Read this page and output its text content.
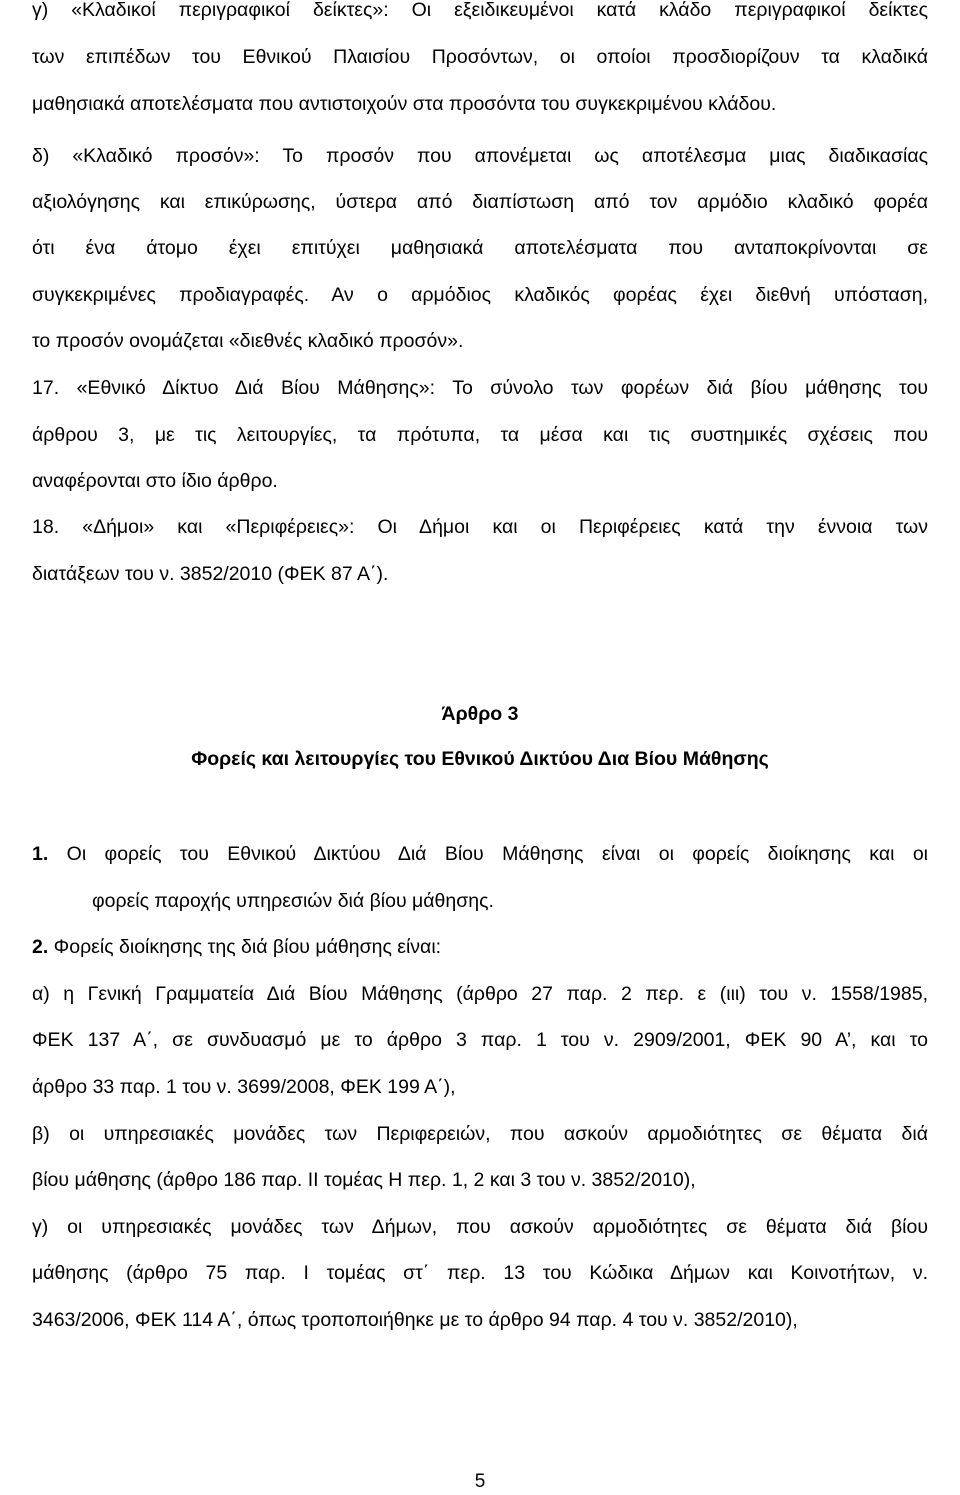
γ) «Κλαδικοί περιγραφικοί δείκτες»: Οι εξειδικευμένοι κατά κλάδο περιγραφικοί δείκτες
των επιπέδων του Εθνικού Πλαισίου Προσόντων, οι οποίοι προσδιορίζουν τα κλαδικά
μαθησιακά αποτελέσματα που αντιστοιχούν στα προσόντα του συγκεκριμένου κλάδου.
δ) «Κλαδικό προσόν»: Το προσόν που απονέμεται ως αποτέλεσμα μιας διαδικασίας
αξιολόγησης και επικύρωσης, ύστερα από διαπίστωση από τον αρμόδιο κλαδικό φορέα
ότι ένα άτομο έχει επιτύχει μαθησιακά αποτελέσματα που ανταποκρίνονται σε
συγκεκριμένες προδιαγραφές. Αν ο αρμόδιος κλαδικός φορέας έχει διεθνή υπόσταση,
το προσόν ονομάζεται «διεθνές κλαδικό προσόν».
17. «Εθνικό Δίκτυο Διά Βίου Μάθησης»: Το σύνολο των φορέων διά βίου μάθησης του
άρθρου 3, με τις λειτουργίες, τα πρότυπα, τα μέσα και τις συστημικές σχέσεις που
αναφέρονται στο ίδιο άρθρο.
18. «Δήμοι» και «Περιφέρειες»: Οι Δήμοι και οι Περιφέρειες κατά την έννοια των
διατάξεων του ν. 3852/2010 (ΦΕΚ 87 Α΄).
Άρθρο 3
Φορείς και λειτουργίες του Εθνικού Δικτύου Δια Βίου Μάθησης
1. Οι φορείς του Εθνικού Δικτύου Διά Βίου Μάθησης είναι οι φορείς διοίκησης και οι
φορείς παροχής υπηρεσιών διά βίου μάθησης.
2. Φορείς διοίκησης της διά βίου μάθησης είναι:
α) η Γενική Γραμματεία Διά Βίου Μάθησης (άρθρο 27 παρ. 2 περ. ε (ιιι) του ν. 1558/1985,
ΦΕΚ 137 Α΄, σε συνδυασμό με το άρθρο 3 παρ. 1 του ν. 2909/2001, ΦΕΚ 90 Α’, και το
άρθρο 33 παρ. 1 του ν. 3699/2008, ΦΕΚ 199 Α΄),
β) οι υπηρεσιακές μονάδες των Περιφερειών, που ασκούν αρμοδιότητες σε θέματα διά
βίου μάθησης (άρθρο 186 παρ. ΙΙ τομέας Η περ. 1, 2 και 3 του ν. 3852/2010),
γ) οι υπηρεσιακές μονάδες των Δήμων, που ασκούν αρμοδιότητες σε θέματα διά βίου
μάθησης (άρθρο 75 παρ. Ι τομέας στ΄ περ. 13 του Κώδικα Δήμων και Κοινοτήτων, ν.
3463/2006, ΦΕΚ 114 Α΄, όπως τροποποιήθηκε με το άρθρο 94 παρ. 4 του ν. 3852/2010),
5
